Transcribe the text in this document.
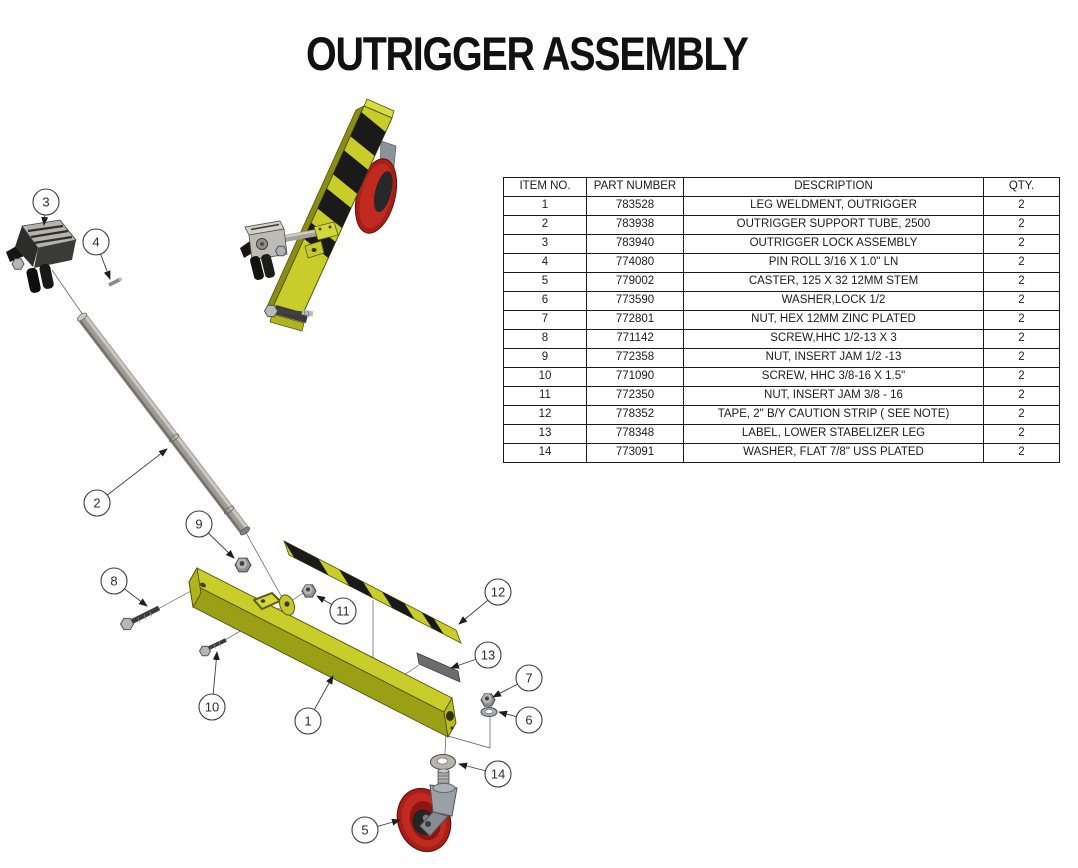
OUTRIGGER ASSEMBLY
ITEM NO.	PART NUMBER	DESCRIPTION	QTY.
1	783528	LEG WELDMENT, OUTRIGGER	2
2	783938	OUTRIGGER SUPPORT TUBE, 2500	2
3	783940	OUTRIGGER LOCK ASSEMBLY	2
4	774080	PIN ROLL 3/16 X 1.0" LN	2
5	779002	CASTER, 125 X 32 12MM STEM	2
6	773590	WASHER,LOCK 1/2	2
7	772801	NUT, HEX 12MM ZINC PLATED	2
8	771142	SCREW,HHC 1/2-13 X 3	2
9	772358	NUT, INSERT JAM 1/2 -13	2
10	771090	SCREW, HHC 3/8-16 X 1.5"	2
11	772350	NUT, INSERT JAM 3/8 - 16	2
12	778352	TAPE, 2" B/Y CAUTION STRIP ( SEE NOTE)	2
13	778348	LABEL, LOWER STABELIZER LEG	2
14	773091	WASHER, FLAT 7/8" USS PLATED	2
3
4
2
9
8
10
1
11
12
13
7
6
14
5
